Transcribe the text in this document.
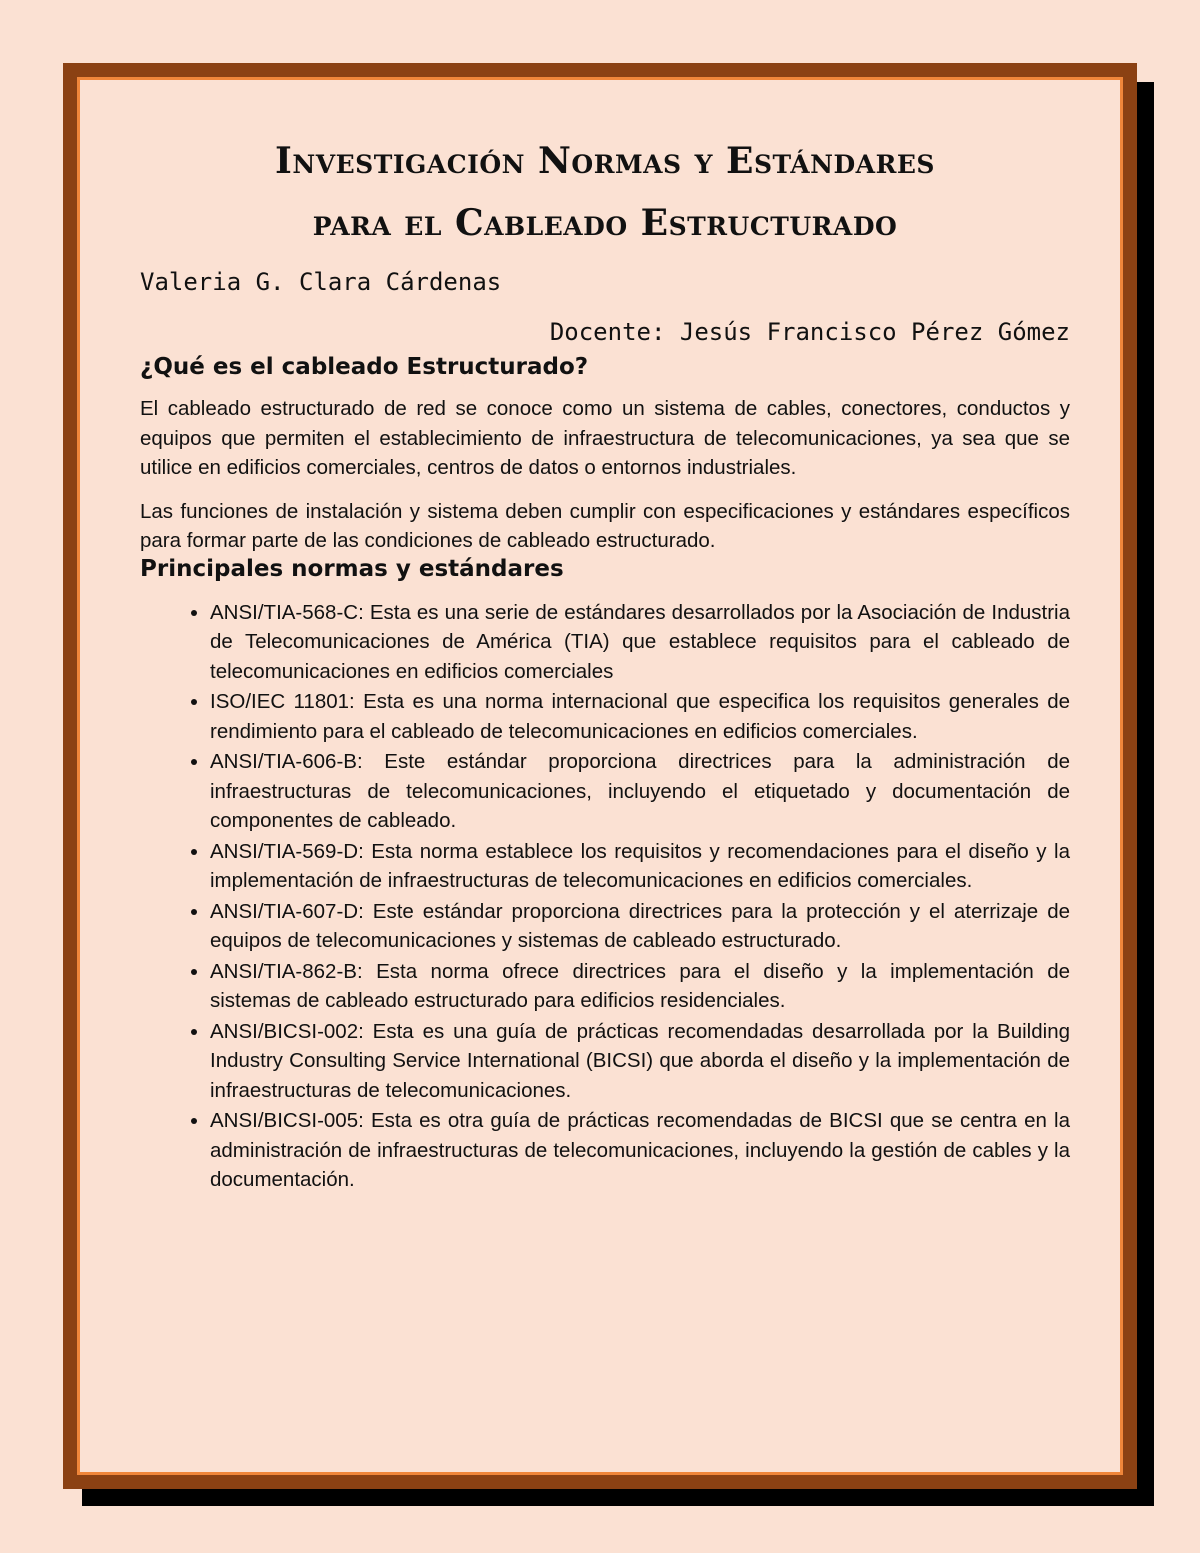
Investigación Normas y Estándares
para el Cableado Estructurado
Valeria G. Clara Cárdenas
Docente: Jesús Francisco Pérez Gómez
¿Qué es el cableado Estructurado?

El cableado estructurado de red se conoce como un sistema de cables, conectores, conductos y equipos que permiten el establecimiento de infraestructura de telecomunicaciones, ya sea que se utilice en edificios comerciales, centros de datos o entornos industriales.

Las funciones de instalación y sistema deben cumplir con especificaciones y estándares específicos para formar parte de las condiciones de cableado estructurado.

Principales normas y estándares
• ANSI/TIA-568-C: Esta es una serie de estándares desarrollados por la Asociación de Industria de Telecomunicaciones de América (TIA) que establece requisitos para el cableado de telecomunicaciones en edificios comerciales
• ISO/IEC 11801: Esta es una norma internacional que especifica los requisitos generales de rendimiento para el cableado de telecomunicaciones en edificios comerciales.
• ANSI/TIA-606-B: Este estándar proporciona directrices para la administración de infraestructuras de telecomunicaciones, incluyendo el etiquetado y documentación de componentes de cableado.
• ANSI/TIA-569-D: Esta norma establece los requisitos y recomendaciones para el diseño y la implementación de infraestructuras de telecomunicaciones en edificios comerciales.
• ANSI/TIA-607-D: Este estándar proporciona directrices para la protección y el aterrizaje de equipos de telecomunicaciones y sistemas de cableado estructurado.
• ANSI/TIA-862-B: Esta norma ofrece directrices para el diseño y la implementación de sistemas de cableado estructurado para edificios residenciales.
• ANSI/BICSI-002: Esta es una guía de prácticas recomendadas desarrollada por la Building Industry Consulting Service International (BICSI) que aborda el diseño y la implementación de infraestructuras de telecomunicaciones.
• ANSI/BICSI-005: Esta es otra guía de prácticas recomendadas de BICSI que se centra en la administración de infraestructuras de telecomunicaciones, incluyendo la gestión de cables y la documentación.
